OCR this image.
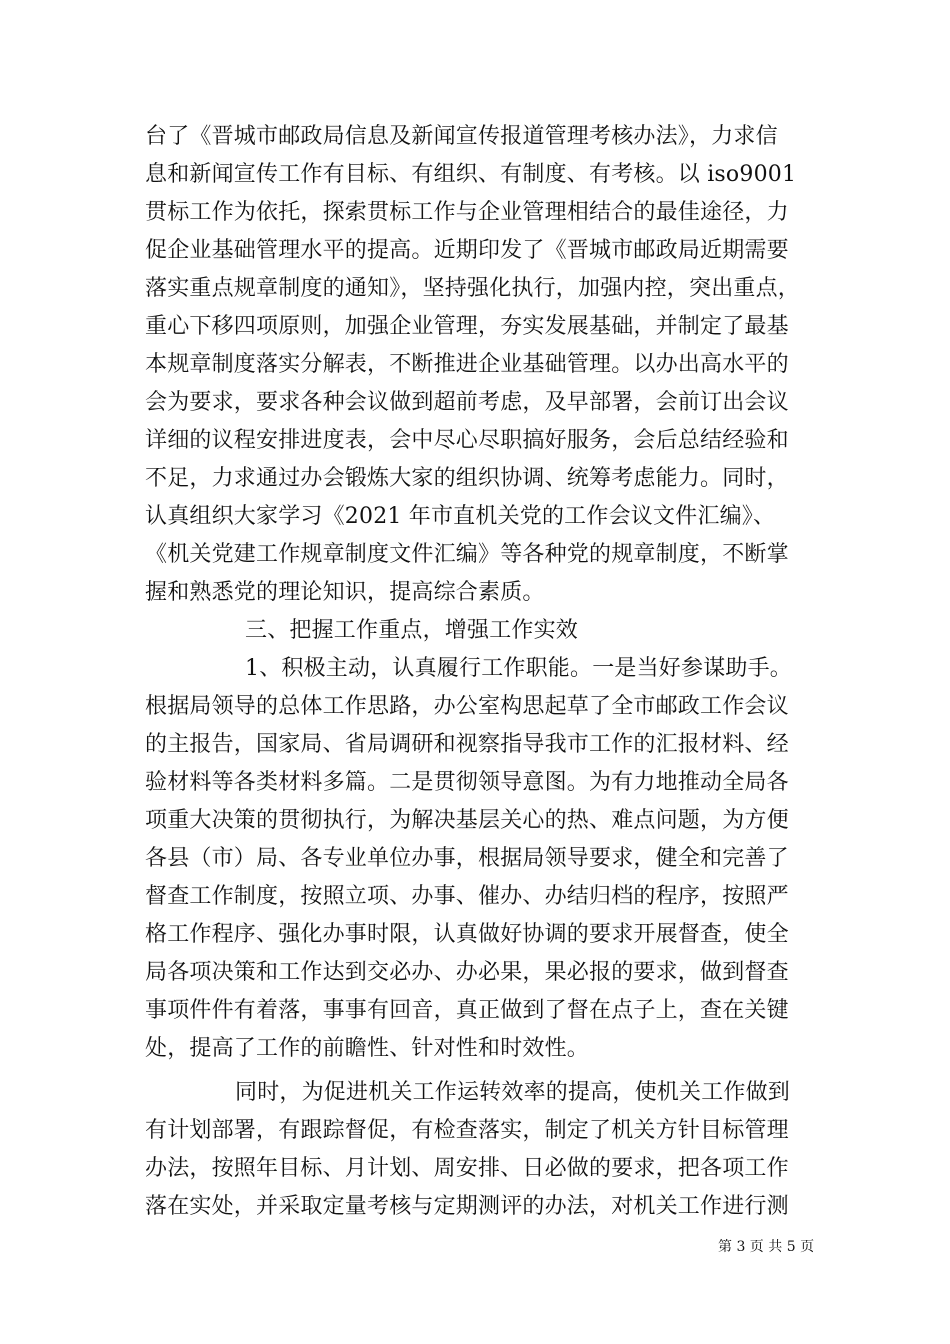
台了《晋城市邮政局信息及新闻宣传报道管理考核办法》，力求信
息和新闻宣传工作有目标、有组织、有制度、有考核。以 iso9001
贯标工作为依托，探索贯标工作与企业管理相结合的最佳途径，力
促企业基础管理水平的提高。近期印发了《晋城市邮政局近期需要
落实重点规章制度的通知》，坚持强化执行，加强内控，突出重点，
重心下移四项原则，加强企业管理，夯实发展基础，并制定了最基
本规章制度落实分解表，不断推进企业基础管理。以办出高水平的
会为要求，要求各种会议做到超前考虑，及早部署，会前订出会议
详细的议程安排进度表，会中尽心尽职搞好服务，会后总结经验和
不足，力求通过办会锻炼大家的组织协调、统筹考虑能力。同时，
认真组织大家学习《2021 年市直机关党的工作会议文件汇编》、
《机关党建工作规章制度文件汇编》等各种党的规章制度，不断掌
握和熟悉党的理论知识，提高综合素质。
三、把握工作重点，增强工作实效
1、积极主动，认真履行工作职能。一是当好参谋助手。
根据局领导的总体工作思路，办公室构思起草了全市邮政工作会议
的主报告，国家局、省局调研和视察指导我市工作的汇报材料、经
验材料等各类材料多篇。二是贯彻领导意图。为有力地推动全局各
项重大决策的贯彻执行，为解决基层关心的热、难点问题，为方便
各县（市）局、各专业单位办事，根据局领导要求，健全和完善了
督查工作制度，按照立项、办事、催办、办结归档的程序，按照严
格工作程序、强化办事时限，认真做好协调的要求开展督查，使全
局各项决策和工作达到交必办、办必果，果必报的要求，做到督查
事项件件有着落，事事有回音，真正做到了督在点子上，查在关键
处，提高了工作的前瞻性、针对性和时效性。
同时，为促进机关工作运转效率的提高，使机关工作做到
有计划部署，有跟踪督促，有检查落实，制定了机关方针目标管理
办法，按照年目标、月计划、周安排、日必做的要求，把各项工作
落在实处，并采取定量考核与定期测评的办法，对机关工作进行测
第 3 页 共 5 页
